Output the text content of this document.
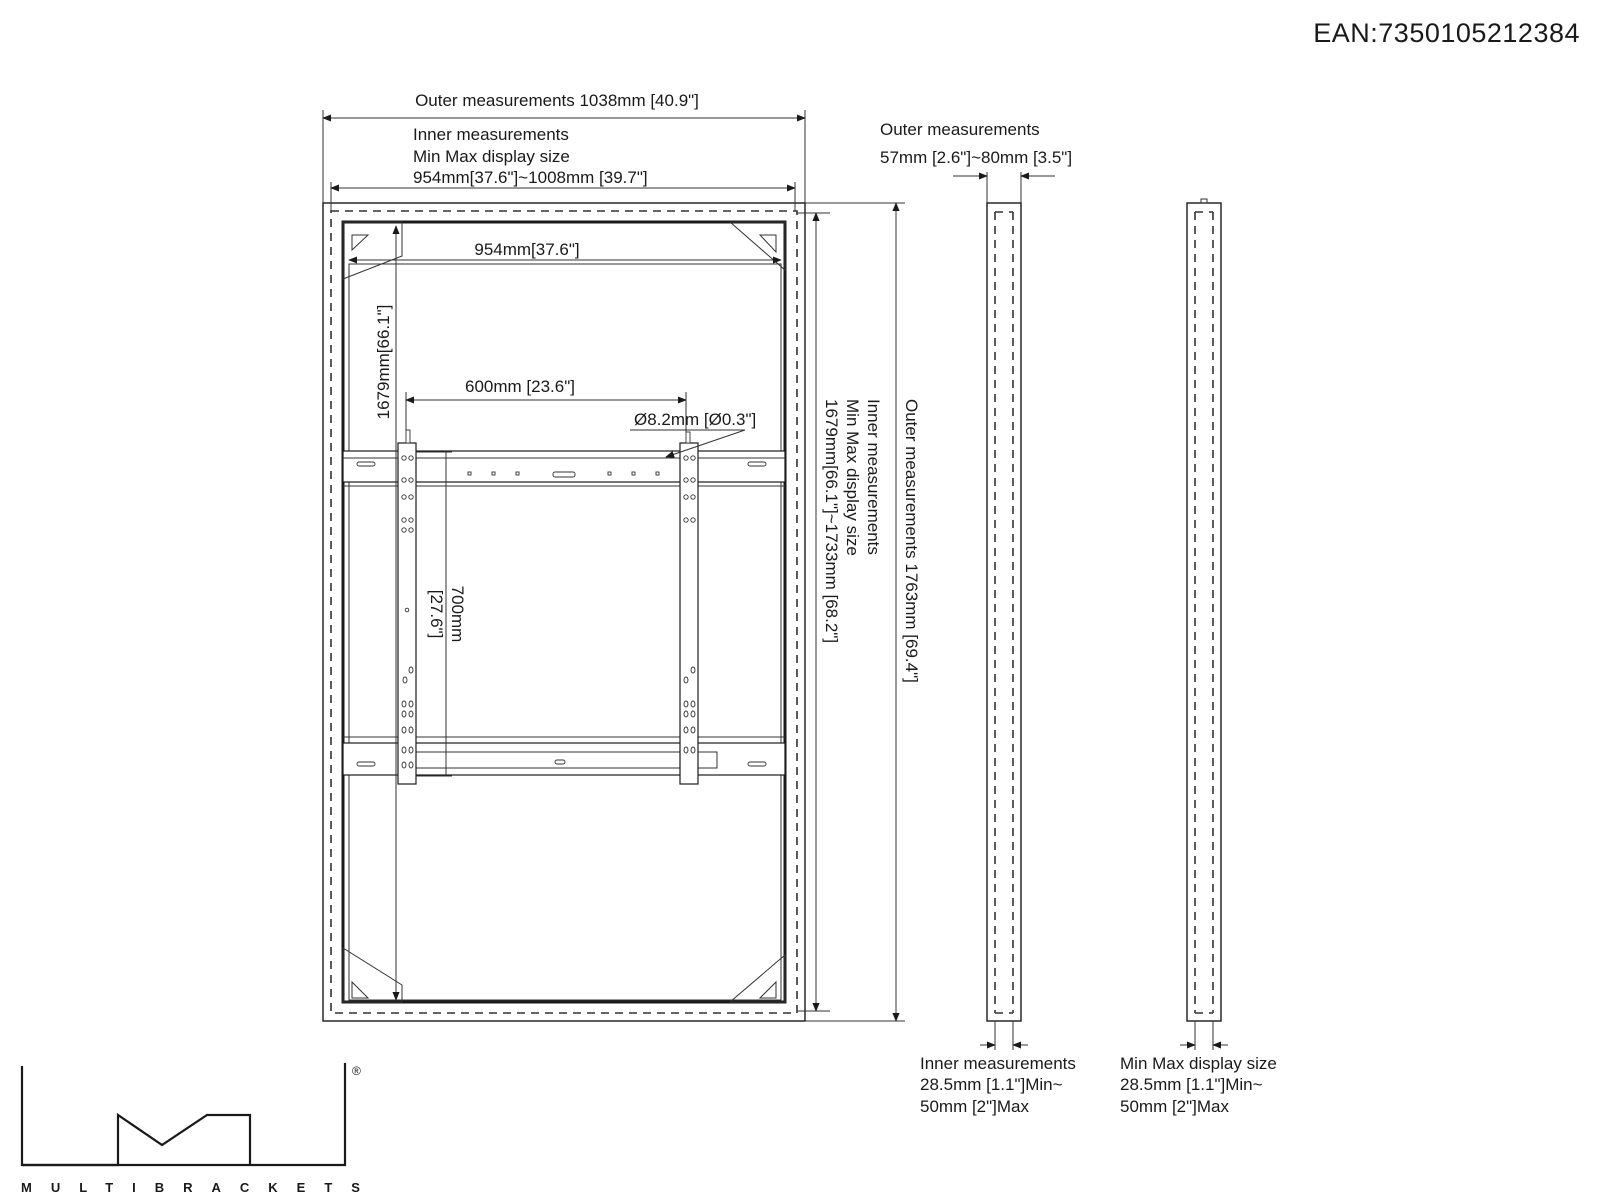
EAN:7350105212384
Outer measurements 1038mm [40.9"]
Inner measurements
Min Max display size
954mm[37.6"]~1008mm [39.7"]
954mm[37.6"]
1679mm[66.1"]	600mm [23.6"]
Ø8.2mm [Ø0.3"]
700mm
[27.6"]
Inner measurements
Min Max display size
1679mm[66.1"]~1733mm [68.2"]	Outer measurements 1763mm [69.4"]
Outer measurements
57mm [2.6"]~80mm [3.5"]
Inner measurements
28.5mm [1.1"]Min~
50mm [2"]Max
Min Max display size
28.5mm [1.1"]Min~
50mm [2"]Max
®
MULTIBRACKETS
